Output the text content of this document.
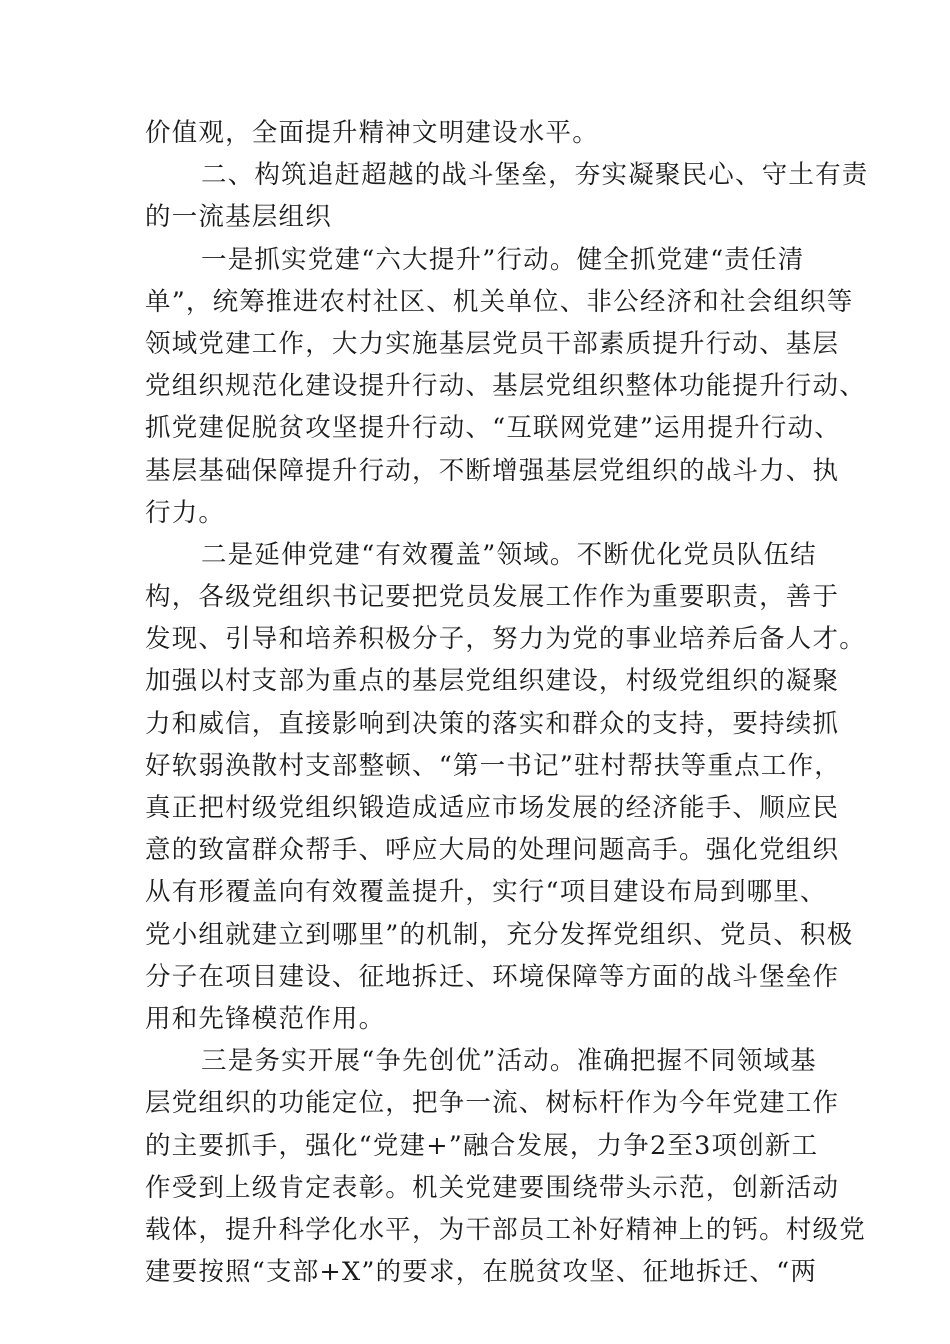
价值观，全面提升精神文明建设水平。
二、构筑追赶超越的战斗堡垒，夯实凝聚民心、守土有责
的一流基层组织
一是抓实党建“六大提升”行动。健全抓党建“责任清
单”，统筹推进农村社区、机关单位、非公经济和社会组织等
领域党建工作，大力实施基层党员干部素质提升行动、基层
党组织规范化建设提升行动、基层党组织整体功能提升行动、
抓党建促脱贫攻坚提升行动、“互联网党建”运用提升行动、
基层基础保障提升行动，不断增强基层党组织的战斗力、执
行力。
二是延伸党建“有效覆盖”领域。不断优化党员队伍结
构，各级党组织书记要把党员发展工作作为重要职责，善于
发现、引导和培养积极分子，努力为党的事业培养后备人才。
加强以村支部为重点的基层党组织建设，村级党组织的凝聚
力和威信，直接影响到决策的落实和群众的支持，要持续抓
好软弱涣散村支部整顿、“第一书记”驻村帮扶等重点工作，
真正把村级党组织锻造成适应市场发展的经济能手、顺应民
意的致富群众帮手、呼应大局的处理问题高手。强化党组织
从有形覆盖向有效覆盖提升，实行“项目建设布局到哪里、
党小组就建立到哪里”的机制，充分发挥党组织、党员、积极
分子在项目建设、征地拆迁、环境保障等方面的战斗堡垒作
用和先锋模范作用。
三是务实开展“争先创优”活动。准确把握不同领域基
层党组织的功能定位，把争一流、树标杆作为今年党建工作
的主要抓手，强化“党建+”融合发展，力争2至3项创新工
作受到上级肯定表彰。机关党建要围绕带头示范，创新活动
载体，提升科学化水平，为干部员工补好精神上的钙。村级党
建要按照“支部+X”的要求，在脱贫攻坚、征地拆迁、“两
